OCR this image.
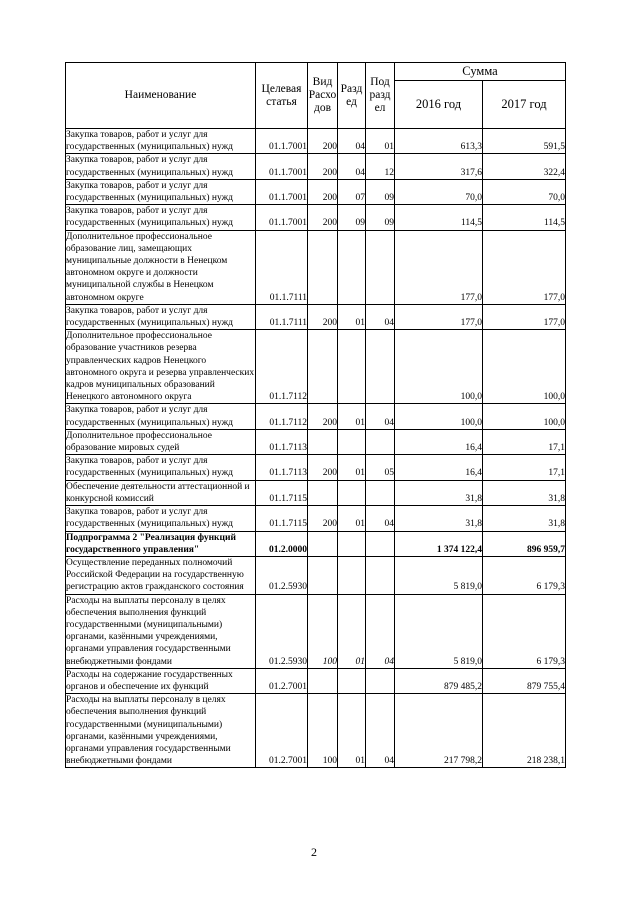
Наименование	Целевая статья	Вид Расхо дов	Разд ед	Под разд ел	Сумма	
					2016 год	2017 год
Закупка товаров, работ и услуг для государственных (муниципальных) нужд	01.1.7001	200	04	01	613,3	591,5
Закупка товаров, работ и услуг для государственных (муниципальных) нужд	01.1.7001	200	04	12	317,6	322,4
Закупка товаров, работ и услуг для государственных (муниципальных) нужд	01.1.7001	200	07	09	70,0	70,0
Закупка товаров, работ и услуг для государственных (муниципальных) нужд	01.1.7001	200	09	09	114,5	114,5
Дополнительное профессиональное образование лиц, замещающих муниципальные должности в Ненецком автономном округе и должности муниципальной службы в Ненецком автономном округе	01.1.7111				177,0	177,0
Закупка товаров, работ и услуг для государственных (муниципальных) нужд	01.1.7111	200	01	04	177,0	177,0
Дополнительное профессиональное образование участников резерва управленческих кадров Ненецкого автономного округа и резерва управленческих кадров муниципальных образований Ненецкого автономного округа	01.1.7112				100,0	100,0
Закупка товаров, работ и услуг для государственных (муниципальных) нужд	01.1.7112	200	01	04	100,0	100,0
Дополнительное профессиональное образование мировых судей	01.1.7113				16,4	17,1
Закупка товаров, работ и услуг для государственных (муниципальных) нужд	01.1.7113	200	01	05	16,4	17,1
Обеспечение деятельности аттестационной и конкурсной комиссий	01.1.7115				31,8	31,8
Закупка товаров, работ и услуг для государственных (муниципальных) нужд	01.1.7115	200	01	04	31,8	31,8
Подпрограмма 2 "Реализация функций государственного управления"	01.2.0000				1 374 122,4	896 959,7
Осуществление переданных полномочий Российской Федерации на государственную регистрацию актов гражданского состояния	01.2.5930				5 819,0	6 179,3
Расходы на выплаты персоналу в целях обеспечения выполнения функций государственными (муниципальными) органами, казёнными учреждениями, органами управления государственными внебюджетными фондами	01.2.5930	100	01	04	5 819,0	6 179,3
Расходы на содержание государственных органов и обеспечение их функций	01.2.7001				879 485,2	879 755,4
Расходы на выплаты персоналу в целях обеспечения выполнения функций государственными (муниципальными) органами, казёнными учреждениями, органами управления государственными внебюджетными фондами	01.2.7001	100	01	04	217 798,2	218 238,1
2
